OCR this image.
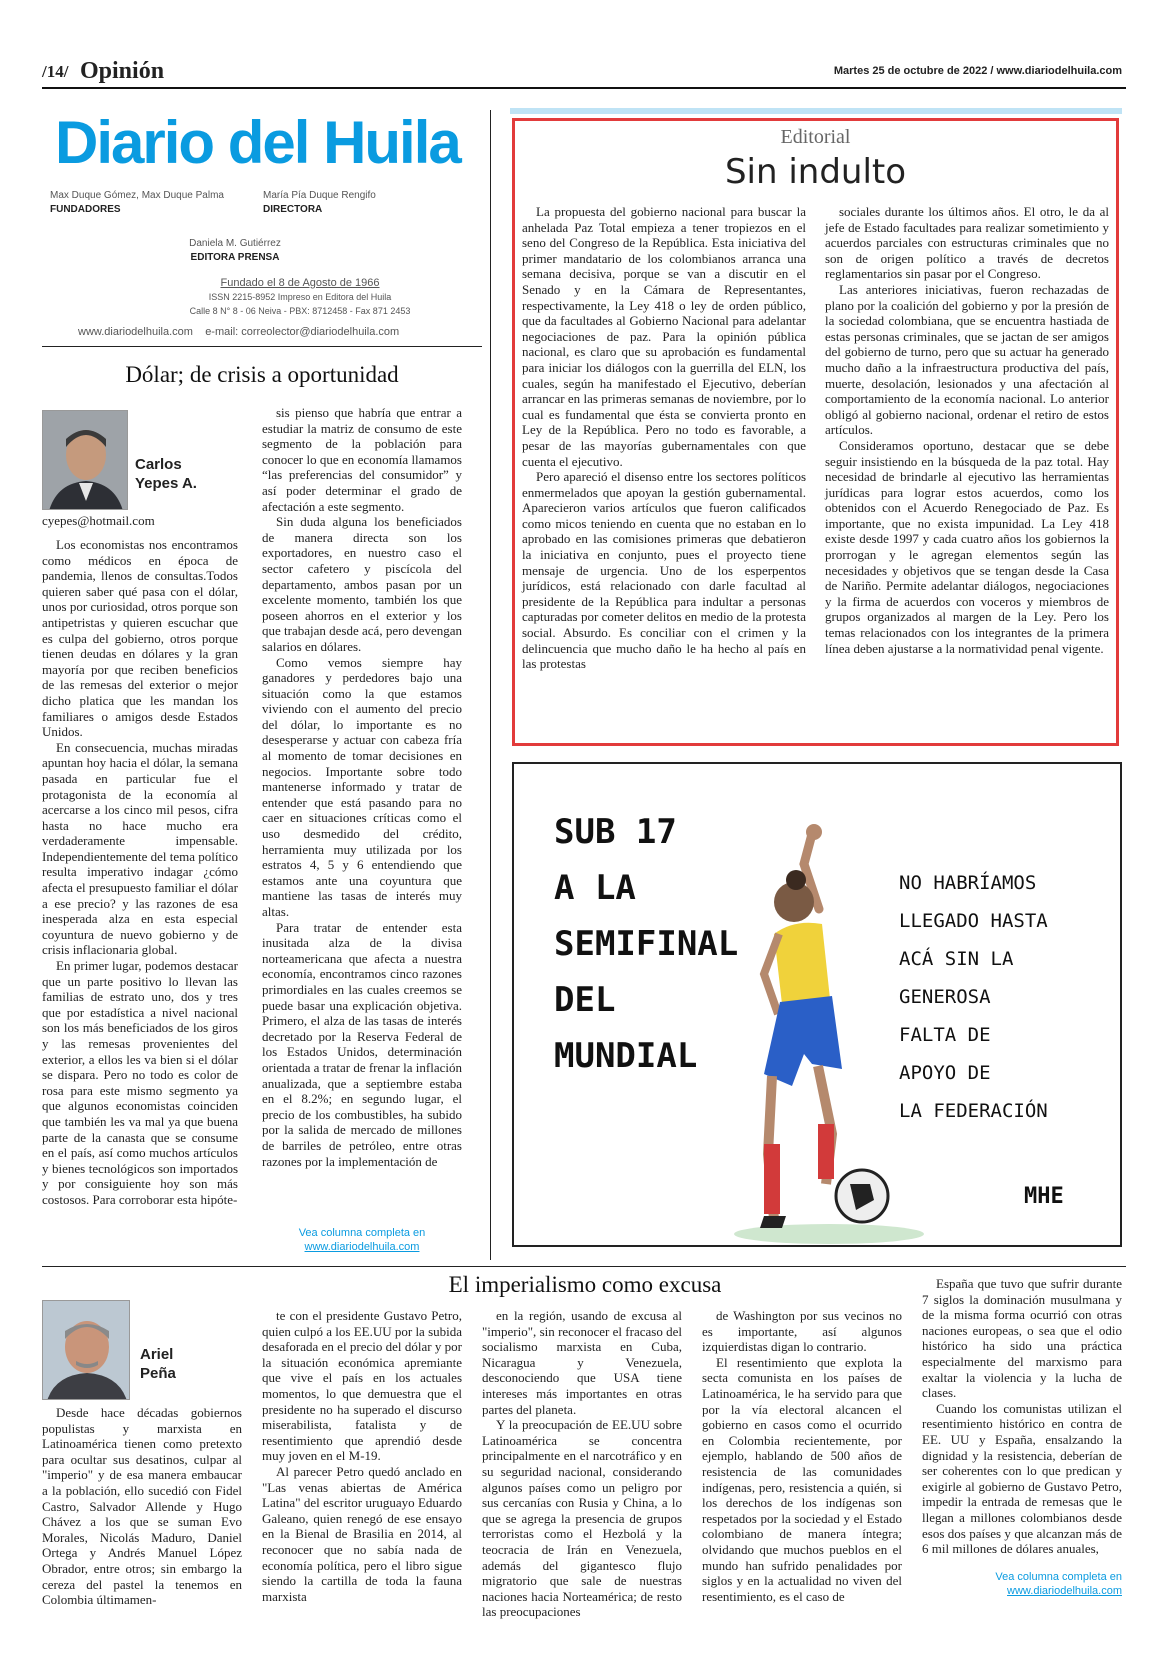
/14/ Opinión	Martes 25 de octubre de 2022 / www.diariodelhuila.com
Diario del Huila
Max Duque Gómez, Max Duque Palma
FUNDADORES
María Pía Duque Rengifo
DIRECTORA
Daniela M. Gutiérrez
EDITORA PRENSA
Fundado el 8 de Agosto de 1966
ISSN 2215-8952 Impreso en Editora del Huila
Calle 8 N° 8 - 06 Neiva - PBX: 8712458 - Fax 871 2453
www.diariodelhuila.com e-mail: correolector@diariodelhuila.com
Dólar; de crisis a oportunidad
Carlos
Yepes A.
cyepes@hotmail.com

Los economistas nos encontramos como médicos en época de pandemia, llenos de consultas.Todos quieren saber qué pasa con el dólar, unos por curiosidad, otros porque son antipetristas y quieren escuchar que es culpa del gobierno, otros porque tienen deudas en dólares y la gran mayoría por que reciben beneficios de las remesas del exterior o mejor dicho platica que les mandan los familiares o amigos desde Estados Unidos.

En consecuencia, muchas miradas apuntan hoy hacia el dólar, la semana pasada en particular fue el protagonista de la economía al acercarse a los cinco mil pesos, cifra hasta no hace mucho era verdaderamente impensable. Independientemente del tema político resulta imperativo indagar ¿cómo afecta el presupuesto familiar el dólar a ese precio? y las razones de esa inesperada alza en esta especial coyuntura de nuevo gobierno y de crisis inflacionaria global.

En primer lugar, podemos destacar que un parte positivo lo llevan las familias de estrato uno, dos y tres que por estadística a nivel nacional son los más beneficiados de los giros y las remesas provenientes del exterior, a ellos les va bien si el dólar se dispara. Pero no todo es color de rosa para este mismo segmento ya que algunos economistas coinciden que también les va mal ya que buena parte de la canasta que se consume en el país, así como muchos artículos y bienes tecnológicos son importados y por consiguiente hoy son más costosos. Para corroborar esta hipóte-

sis pienso que habría que entrar a estudiar la matriz de consumo de este segmento de la población para conocer lo que en economía llamamos “las preferencias del consumidor” y así poder determinar el grado de afectación a este segmento.

Sin duda alguna los beneficiados de manera directa son los exportadores, en nuestro caso el sector cafetero y piscícola del departamento, ambos pasan por un excelente momento, también los que poseen ahorros en el exterior y los que trabajan desde acá, pero devengan salarios en dólares.

Como vemos siempre hay ganadores y perdedores bajo una situación como la que estamos viviendo con el aumento del precio del dólar, lo importante es no desesperarse y actuar con cabeza fría al momento de tomar decisiones en negocios. Importante sobre todo mantenerse informado y tratar de entender que está pasando para no caer en situaciones críticas como el uso desmedido del crédito, herramienta muy utilizada por los estratos 4, 5 y 6 entendiendo que estamos ante una coyuntura que mantiene las tasas de interés muy altas.

Para tratar de entender esta inusitada alza de la divisa norteamericana que afecta a nuestra economía, encontramos cinco razones primordiales en las cuales creemos se puede basar una explicación objetiva. Primero, el alza de las tasas de interés decretado por la Reserva Federal de los Estados Unidos, determinación orientada a tratar de frenar la inflación anualizada, que a septiembre estaba en el 8.2%; en segundo lugar, el precio de los combustibles, ha subido por la salida de mercado de millones de barriles de petróleo, entre otras razones por la implementación de

Vea columna completa en
www.diariodelhuila.com
Editorial
Sin indulto

La propuesta del gobierno nacional para buscar la anhelada Paz Total empieza a tener tropiezos en el seno del Congreso de la República. Esta iniciativa del primer mandatario de los colombianos arranca una semana decisiva, porque se van a discutir en el Senado y en la Cámara de Representantes, respectivamente, la Ley 418 o ley de orden público, que da facultades al Gobierno Nacional para adelantar negociaciones de paz. Para la opinión pública nacional, es claro que su aprobación es fundamental para iniciar los diálogos con la guerrilla del ELN, los cuales, según ha manifestado el Ejecutivo, deberían arrancar en las primeras semanas de noviembre, por lo cual es fundamental que ésta se convierta pronto en Ley de la República. Pero no todo es favorable, a pesar de las mayorías gubernamentales con que cuenta el ejecutivo.

Pero apareció el disenso entre los sectores políticos enmermelados que apoyan la gestión gubernamental. Aparecieron varios artículos que fueron calificados como micos teniendo en cuenta que no estaban en lo aprobado en las comisiones primeras que debatieron la iniciativa en conjunto, pues el proyecto tiene mensaje de urgencia. Uno de los esperpentos jurídicos, está relacionado con darle facultad al presidente de la República para indultar a personas capturadas por cometer delitos en medio de la protesta social. Absurdo. Es conciliar con el crimen y la delincuencia que mucho daño le ha hecho al país en las protestas

sociales durante los últimos años. El otro, le da al jefe de Estado facultades para realizar sometimiento y acuerdos parciales con estructuras criminales que no son de origen político a través de decretos reglamentarios sin pasar por el Congreso.

Las anteriores iniciativas, fueron rechazadas de plano por la coalición del gobierno y por la presión de la sociedad colombiana, que se encuentra hastiada de estas personas criminales, que se jactan de ser amigos del gobierno de turno, pero que su actuar ha generado mucho daño a la infraestructura productiva del país, muerte, desolación, lesionados y una afectación al comportamiento de la economía nacional. Lo anterior obligó al gobierno nacional, ordenar el retiro de estos artículos.

Consideramos oportuno, destacar que se debe seguir insistiendo en la búsqueda de la paz total. Hay necesidad de brindarle al ejecutivo las herramientas jurídicas para lograr estos acuerdos, como los obtenidos con el Acuerdo Renegociado de Paz. Es importante, que no exista impunidad. La Ley 418 existe desde 1997 y cada cuatro años los gobiernos la prorrogan y le agregan elementos según las necesidades y objetivos que se tengan desde la Casa de Nariño. Permite adelantar diálogos, negociaciones y la firma de acuerdos con voceros y miembros de grupos organizados al margen de la Ley. Pero los temas relacionados con los integrantes de la primera línea deben ajustarse a la normatividad penal vigente.

SUB 17
A LA
SEMIFINAL
DEL
MUNDIAL
NO HABRÍAMOS
LLEGADO HASTA
ACÁ SIN LA
GENEROSA
FALTA DE
APOYO DE
LA FEDERACIÓN
MHE
El imperialismo como excusa
Ariel
Peña

Desde hace décadas gobiernos populistas y marxista en Latinoamérica tienen como pretexto para ocultar sus desatinos, culpar al "imperio" y de esa manera embaucar a la población, ello sucedió con Fidel Castro, Salvador Allende y Hugo Chávez a los que se suman Evo Morales, Nicolás Maduro, Daniel Ortega y Andrés Manuel López Obrador, entre otros; sin embargo la cereza del pastel la tenemos en Colombia últimamen-

te con el presidente Gustavo Petro, quien culpó a los EE.UU por la subida desaforada en el precio del dólar y por la situación económica apremiante que vive el país en los actuales momentos, lo que demuestra que el presidente no ha superado el discurso miserabilista, fatalista y de resentimiento que aprendió desde muy joven en el M-19.

Al parecer Petro quedó anclado en "Las venas abiertas de América Latina" del escritor uruguayo Eduardo Galeano, quien renegó de ese ensayo en la Bienal de Brasilia en 2014, al reconocer que no sabía nada de economía política, pero el libro sigue siendo la cartilla de toda la fauna marxista

en la región, usando de excusa al "imperio", sin reconocer el fracaso del socialismo marxista en Cuba, Nicaragua y Venezuela, desconociendo que USA tiene intereses más importantes en otras partes del planeta.

Y la preocupación de EE.UU sobre Latinoamérica se concentra principalmente en el narcotráfico y en su seguridad nacional, considerando algunos países como un peligro por sus cercanías con Rusia y China, a lo que se agrega la presencia de grupos terroristas como el Hezbolá y la teocracia de Irán en Venezuela, además del gigantesco flujo migratorio que sale de nuestras naciones hacia Norteamérica; de resto las preocupaciones

de Washington por sus vecinos no es importante, así algunos izquierdistas digan lo contrario.

El resentimiento que explota la secta comunista en los países de Latinoamérica, le ha servido para que por la vía electoral alcancen el gobierno en casos como el ocurrido en Colombia recientemente, por ejemplo, hablando de 500 años de resistencia de las comunidades indígenas, pero, resistencia a quién, si los derechos de los indígenas son respetados por la sociedad y el Estado colombiano de manera íntegra; olvidando que muchos pueblos en el mundo han sufrido penalidades por siglos y en la actualidad no viven del resentimiento, es el caso de

España que tuvo que sufrir durante 7 siglos la dominación musulmana y de la misma forma ocurrió con otras naciones europeas, o sea que el odio histórico ha sido una práctica especialmente del marxismo para exaltar la violencia y la lucha de clases.

Cuando los comunistas utilizan el resentimiento histórico en contra de EE. UU y España, ensalzando la dignidad y la resistencia, deberían de ser coherentes con lo que predican y exigirle al gobierno de Gustavo Petro, impedir la entrada de remesas que le llegan a millones colombianos desde esos dos países y que alcanzan más de 6 mil millones de dólares anuales,

Vea columna completa en
www.diariodelhuila.com
